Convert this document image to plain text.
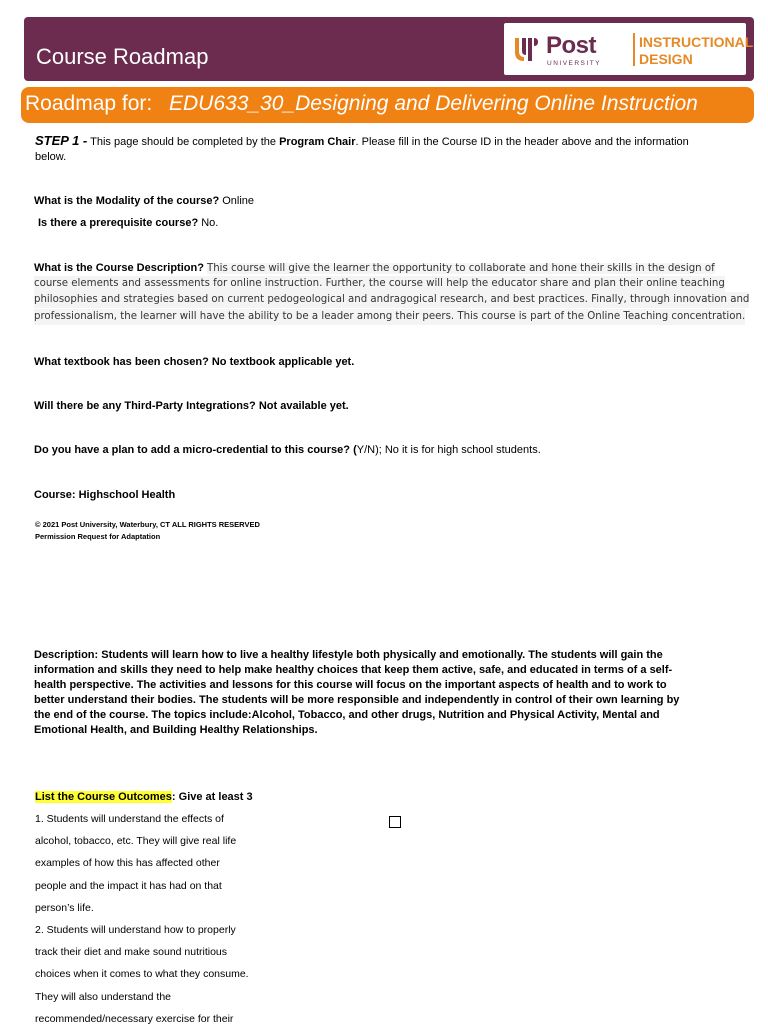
Course Roadmap	Post
UNIVERSITY
INSTRUCTIONAL
DESIGN
Roadmap for: EDU633_30_Designing and Delivering Online Instruction
STEP 1 - This page should be completed by the Program Chair. Please fill in the Course ID in the header above and the information
below.
What is the Modality of the course? Online
Is there a prerequisite course? No.
What is the Course Description? This course will give the learner the opportunity to collaborate and hone their skills in the design of
course elements and assessments for online instruction. Further, the course will help the educator share and plan their online teaching
philosophies and strategies based on current pedogeological and andragogical research, and best practices. Finally, through innovation and
professionalism, the learner will have the ability to be a leader among their peers. This course is part of the Online Teaching concentration.
What textbook has been chosen? No textbook applicable yet.
Will there be any Third-Party Integrations? Not available yet.
Do you have a plan to add a micro-credential to this course? (Y/N); No it is for high school students.
Course: Highschool Health
© 2021 Post University, Waterbury, CT ALL RIGHTS RESERVED
Permission Request for Adaptation
Description: Students will learn how to live a healthy lifestyle both physically and emotionally. The students will gain the
information and skills they need to help make healthy choices that keep them active, safe, and educated in terms of a self-
health perspective. The activities and lessons for this course will focus on the important aspects of health and to work to
better understand their bodies. The students will be more responsible and independently in control of their own learning by
the end of the course. The topics include:Alcohol, Tobacco, and other drugs, Nutrition and Physical Activity, Mental and
Emotional Health, and Building Healthy Relationships.
List the Course Outcomes: Give at least 3
1. Students will understand the effects of
alcohol, tobacco, etc. They will give real life
examples of how this has affected other
people and the impact it has had on that
person’s life.
2. Students will understand how to properly
track their diet and make sound nutritious
choices when it comes to what they consume.
They will also understand the
recommended/necessary exercise for their
